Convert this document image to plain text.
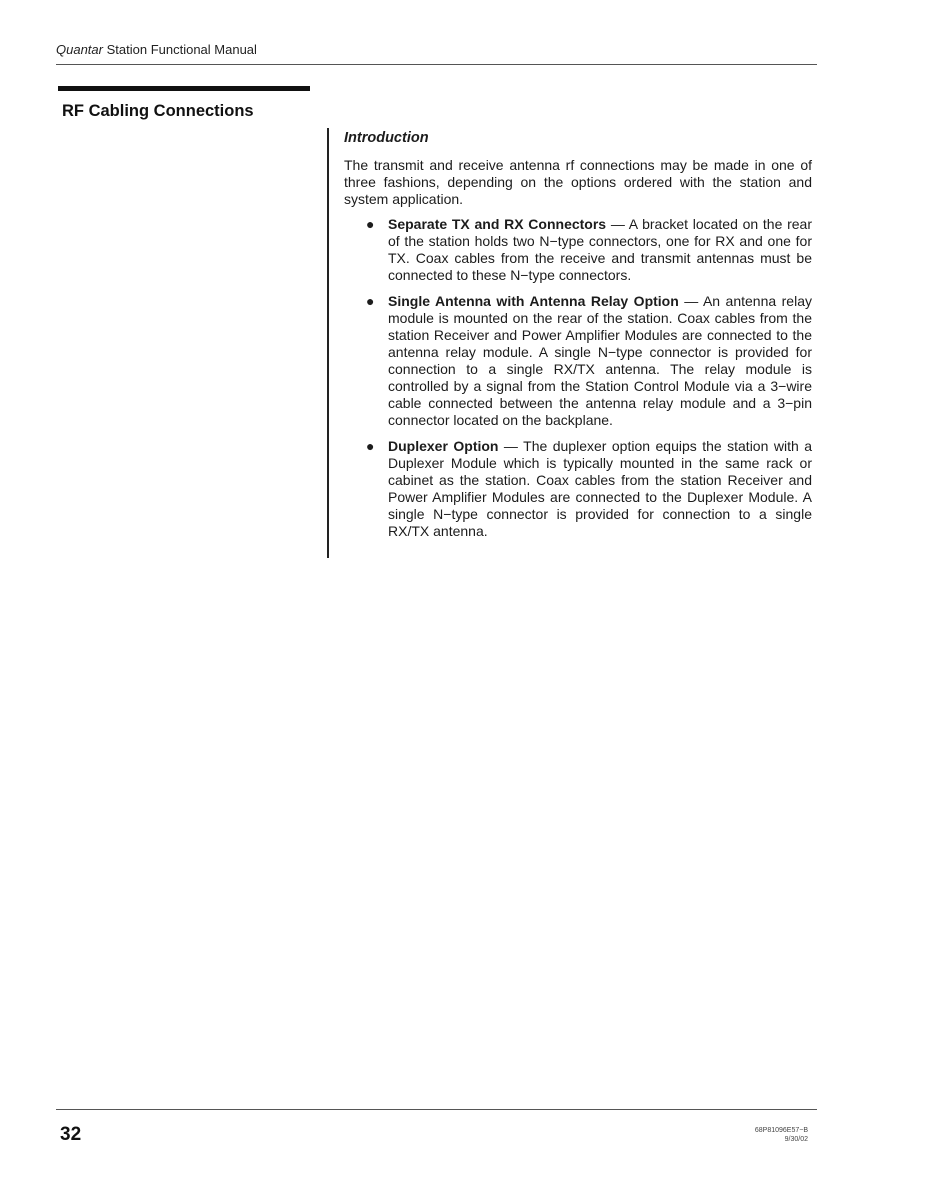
Quantar Station Functional Manual
RF Cabling Connections

Introduction

The transmit and receive antenna rf connections may be made in one of three fashions, depending on the options ordered with the station and system application.

● Separate TX and RX Connectors — A bracket located on the rear of the station holds two N−type connectors, one for RX and one for TX. Coax cables from the receive and transmit antennas must be connected to these N−type connectors.
● Single Antenna with Antenna Relay Option — An antenna relay module is mounted on the rear of the station. Coax cables from the station Receiver and Power Amplifier Modules are connected to the antenna relay module. A single N−type connector is provided for connection to a single RX/TX antenna. The relay module is controlled by a signal from the Station Control Module via a 3−wire cable connected between the antenna relay module and a 3−pin connector located on the backplane.
● Duplexer Option — The duplexer option equips the station with a Duplexer Module which is typically mounted in the same rack or cabinet as the station. Coax cables from the station Receiver and Power Amplifier Modules are connected to the Duplexer Module. A single N−type connector is provided for connection to a single RX/TX antenna.
32	68P81096E57−B
9/30/02
